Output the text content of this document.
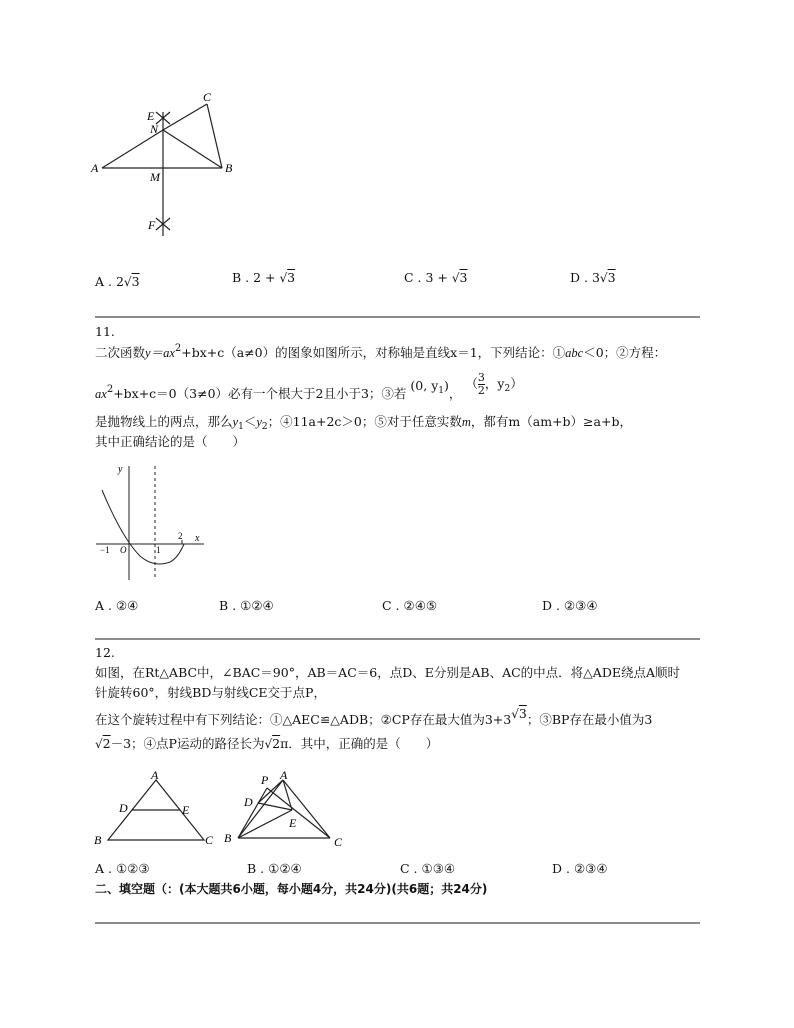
E
C
N
A
M
B
F
A . 2√3	B . 2 + √3	C . 3 + √3	D . 3√3
11.
二次函数$y=ax^2+bx+c(a\ne 0)$的图象如图所示，对称轴是直线x＝1，下列结论：①abc＜0；②方程：
$ax^2+bx+c=0(3\ne 0)$必有一个根大于2且小于3；③若 (0, $y_1$)， （ $\frac{3}{2}$ ，$y_2$）
是抛物线上的两点，那么$y_1<y_2$；④11a+2c＞0；⑤对于任意实数m，都有m（am+b）≥a+b，
其中正确结论的是（　　）
y
x
−1 O	1
2
A . ②④	B . ①②④	C . ②④⑤	D . ②③④
12.
如图，在Rt△ABC中，∠BAC＝90°，AB＝AC＝6，点D、E分别是AB、AC的中点．将△ADE绕点A顺时
针旋转60°，射线BD与射线CE交于点P，
在这个旋转过程中有下列结论：①△AEC≌△ADB；②CP存在最大值为3+3√3；③BP存在最小值为3
√2－3；④点P运动的路径长为√2π．其中，正确的是（　　）
A
D	E
B	C
P A
D
E
B	C
A . ①②③	B . ①②④	C . ①③④	D . ②③④
二、填空题（：(本大题共6小题，每小题4分，共24分)(共6题；共24分)
